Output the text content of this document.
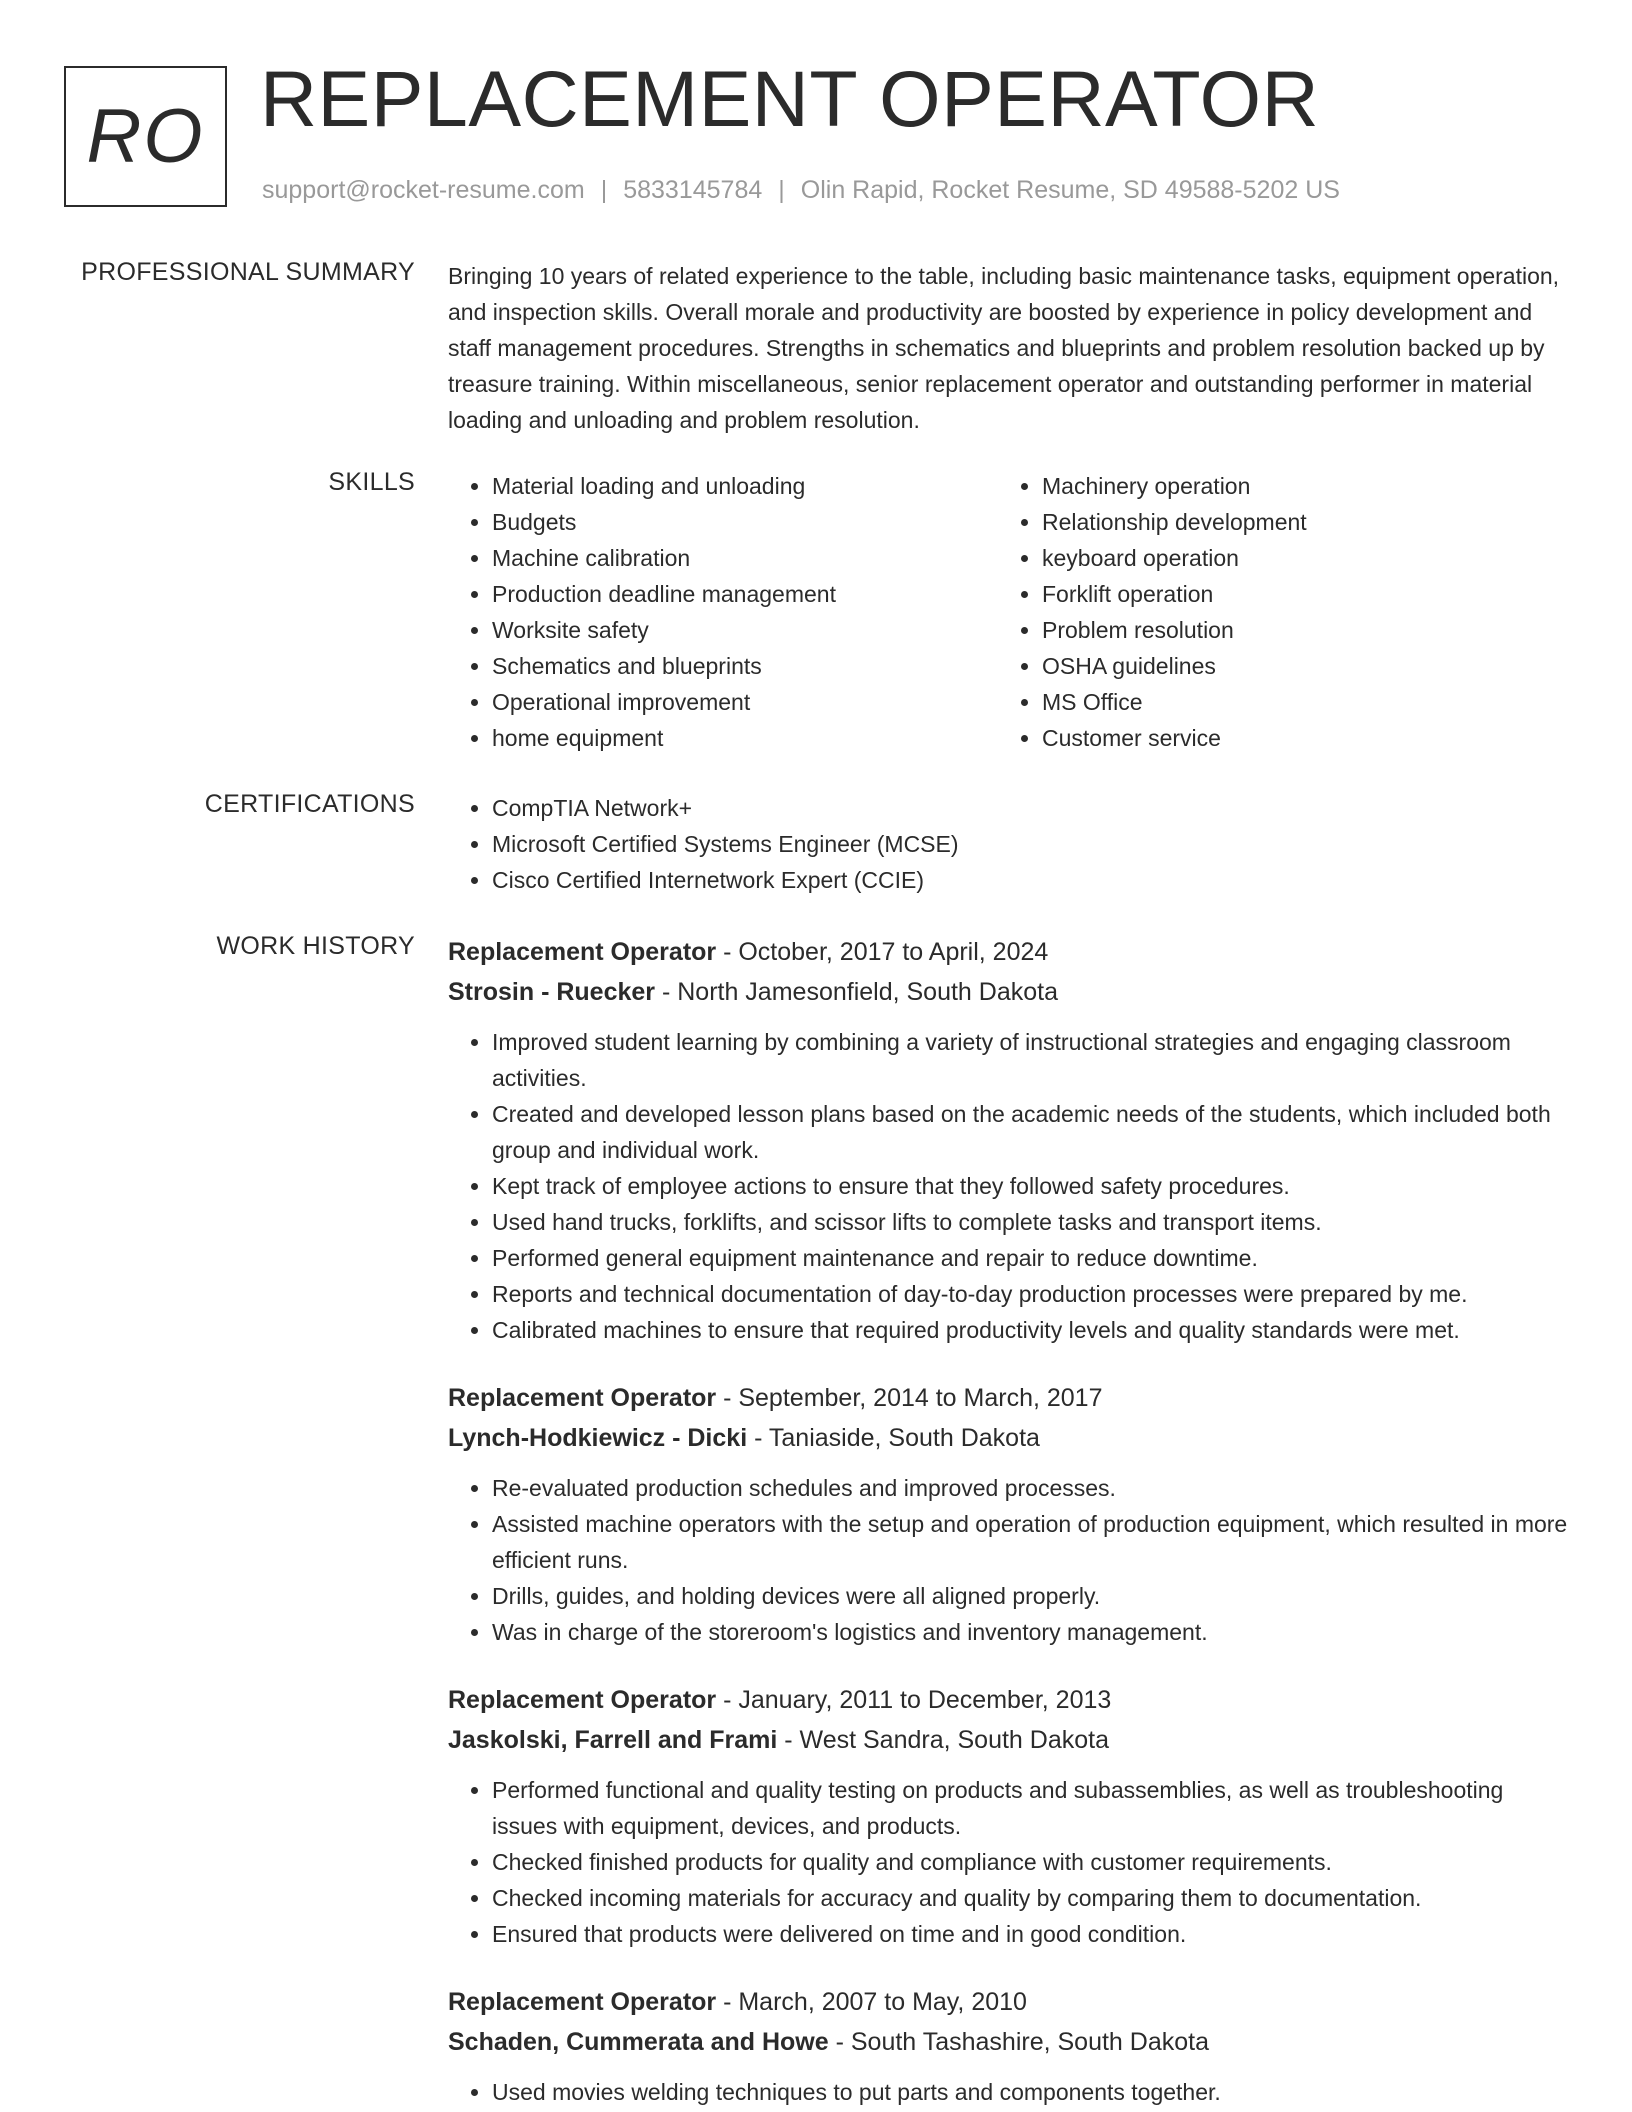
RO REPLACEMENT OPERATOR
support@rocket-resume.com | 5833145784 | Olin Rapid, Rocket Resume, SD 49588-5202 US
PROFESSIONAL SUMMARY Bringing 10 years of related experience to the table, including basic maintenance tasks, equipment operation, and inspection skills. Overall morale and productivity are boosted by experience in policy development and staff management procedures. Strengths in schematics and blueprints and problem resolution backed up by treasure training. Within miscellaneous, senior replacement operator and outstanding performer in material loading and unloading and problem resolution.

SKILLS	• Material loading and unloading
• Budgets
• Machine calibration
• Production deadline management
• Worksite safety
• Schematics and blueprints
• Operational improvement
• home equipment
• Machinery operation
• Relationship development
• keyboard operation
• Forklift operation
• Problem resolution
• OSHA guidelines
• MS Office
• Customer service
CERTIFICATIONS	• CompTIA Network+
• Microsoft Certified Systems Engineer (MCSE)
• Cisco Certified Internetwork Expert (CCIE)
WORK HISTORY Replacement Operator - October, 2017 to April, 2024
Strosin - Ruecker - North Jamesonfield, South Dakota
• Improved student learning by combining a variety of instructional strategies and engaging classroom activities.
• Created and developed lesson plans based on the academic needs of the students, which included both group and individual work.
• Kept track of employee actions to ensure that they followed safety procedures.
• Used hand trucks, forklifts, and scissor lifts to complete tasks and transport items.
• Performed general equipment maintenance and repair to reduce downtime.
• Reports and technical documentation of day-to-day production processes were prepared by me.
• Calibrated machines to ensure that required productivity levels and quality standards were met.
Replacement Operator - September, 2014 to March, 2017
Lynch-Hodkiewicz - Dicki - Taniaside, South Dakota
• Re-evaluated production schedules and improved processes.
• Assisted machine operators with the setup and operation of production equipment, which resulted in more efficient runs.
• Drills, guides, and holding devices were all aligned properly.
• Was in charge of the storeroom's logistics and inventory management.
Replacement Operator - January, 2011 to December, 2013
Jaskolski, Farrell and Frami - West Sandra, South Dakota
• Performed functional and quality testing on products and subassemblies, as well as troubleshooting issues with equipment, devices, and products.
• Checked finished products for quality and compliance with customer requirements.
• Checked incoming materials for accuracy and quality by comparing them to documentation.
• Ensured that products were delivered on time and in good condition.
Replacement Operator - March, 2007 to May, 2010
Schaden, Cummerata and Howe - South Tashashire, South Dakota
• Used movies welding techniques to put parts and components together.
